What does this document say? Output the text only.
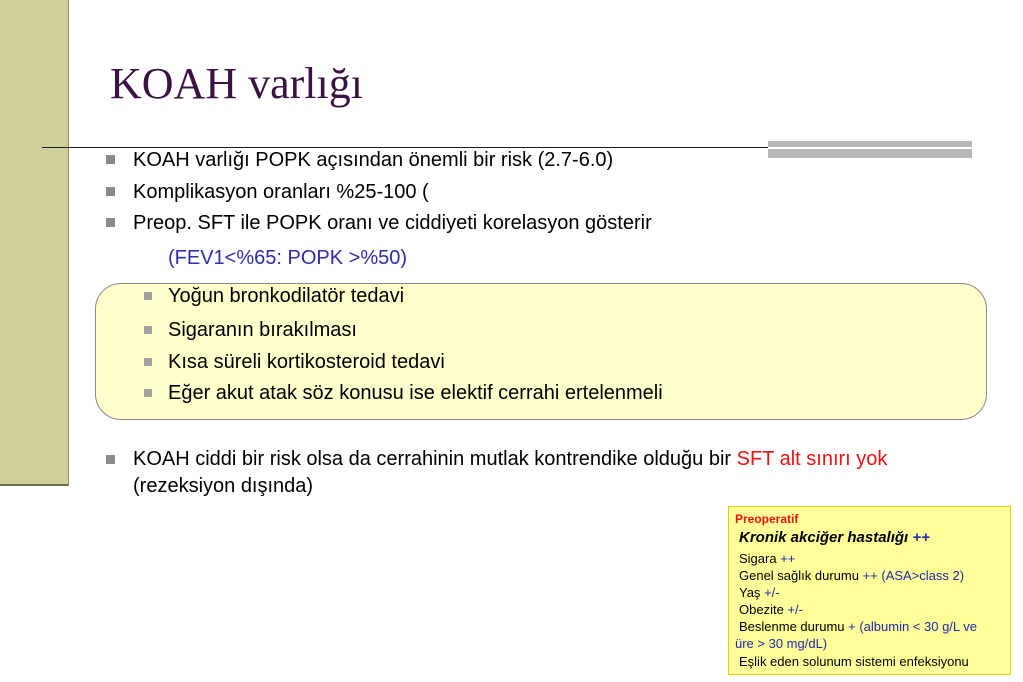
KOAH varlığı
KOAH varlığı POPK açısından önemli bir risk (2.7-6.0)
Komplikasyon oranları %25-100 (
Preop. SFT ile POPK oranı ve ciddiyeti korelasyon gösterir
(FEV1<%65: POPK >%50)
Yoğun bronkodilatör tedavi
Sigaranın bırakılması
Kısa süreli kortikosteroid tedavi
Eğer akut atak söz konusu ise elektif cerrahi ertelenmeli
KOAH ciddi bir risk olsa da cerrahinin mutlak kontrendike olduğu bir SFT alt sınırı yok (rezeksiyon dışında)
Preoperatif
Kronik akciğer hastalığı ++
Sigara ++
Genel sağlık durumu ++ (ASA>class 2)
Yaş +/-
Obezite +/-
Beslenme durumu + (albumin < 30 g/L ve
üre > 30 mg/dL)
Eşlik eden solunum sistemi enfeksiyonu
